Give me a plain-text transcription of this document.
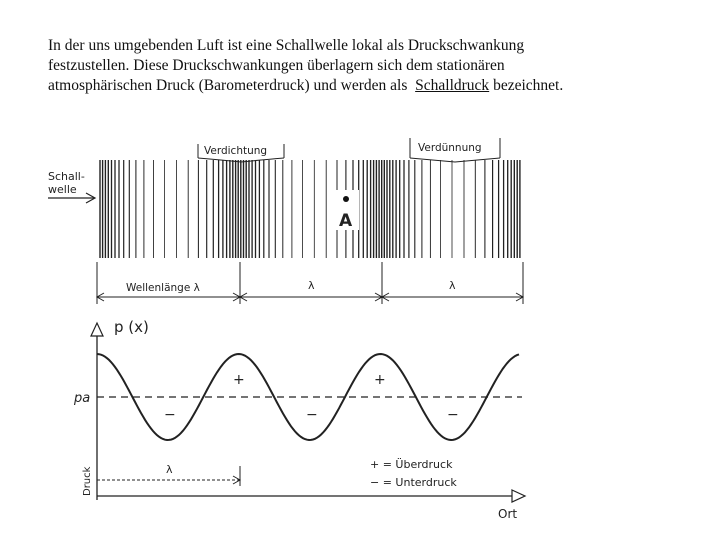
In der uns umgebenden Luft ist eine Schallwelle lokal als Druckschwankung
festzustellen. Diese Druckschwankungen überlagern sich dem stationären
atmosphärischen Druck (Barometerdruck) und werden als Schalldruck bezeichnet.

Schall-
welle
Verdichtung	Verdünnung
A
Wellenlänge λ	λ	λ
p (x)
Ort
pa
Druck
+	+
−	−	−
λ	+ = Überdruck
− = Unterdruck
